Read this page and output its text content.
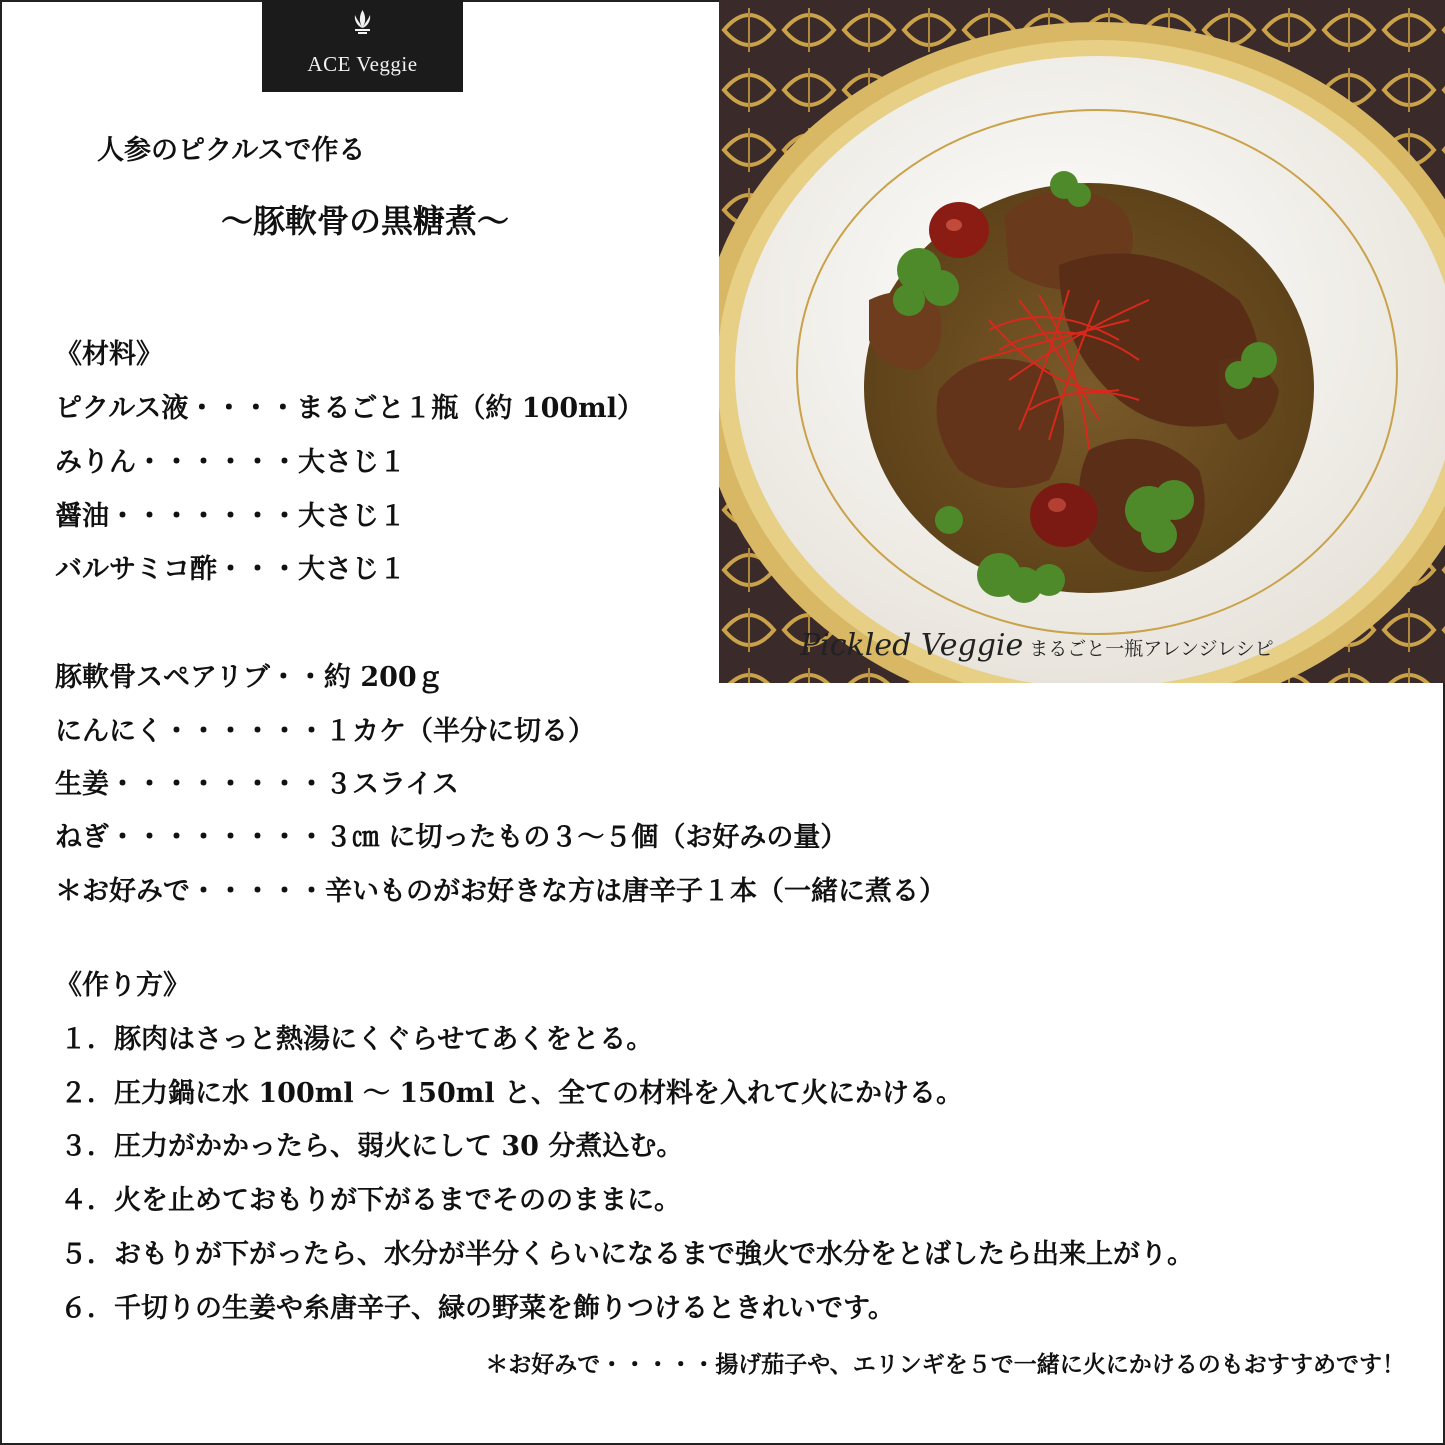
ACE Veggie
人参のピクルスで作る
～豚軟骨の黒糖煮～
《材料》
ピクルス液・・・・まるごと１瓶（約 100ml）
みりん・・・・・・大さじ１
醤油・・・・・・・大さじ１
バルサミコ酢・・・大さじ１
豚軟骨スペアリブ・・約 200ｇ
にんにく・・・・・・１カケ（半分に切る）
生姜・・・・・・・・３スライス
ねぎ・・・・・・・・３㎝ に切ったもの３～５個（お好みの量）
＊お好みで・・・・・辛いものがお好きな方は唐辛子１本（一緒に煮る）
《作り方》
１．豚肉はさっと熱湯にくぐらせてあくをとる。
２．圧力鍋に水 100ml ～ 150ml と、全ての材料を入れて火にかける。
３．圧力がかかったら、弱火にして 30 分煮込む。
４．火を止めておもりが下がるまでそののままに。
５．おもりが下がったら、水分が半分くらいになるまで強火で水分をとばしたら出来上がり。
６．千切りの生姜や糸唐辛子、緑の野菜を飾りつけるときれいです。
＊お好みで・・・・・揚げ茄子や、エリンギを５で一緒に火にかけるのもおすすめです！
Pickled Veggie まるごと一瓶アレンジレシピ
